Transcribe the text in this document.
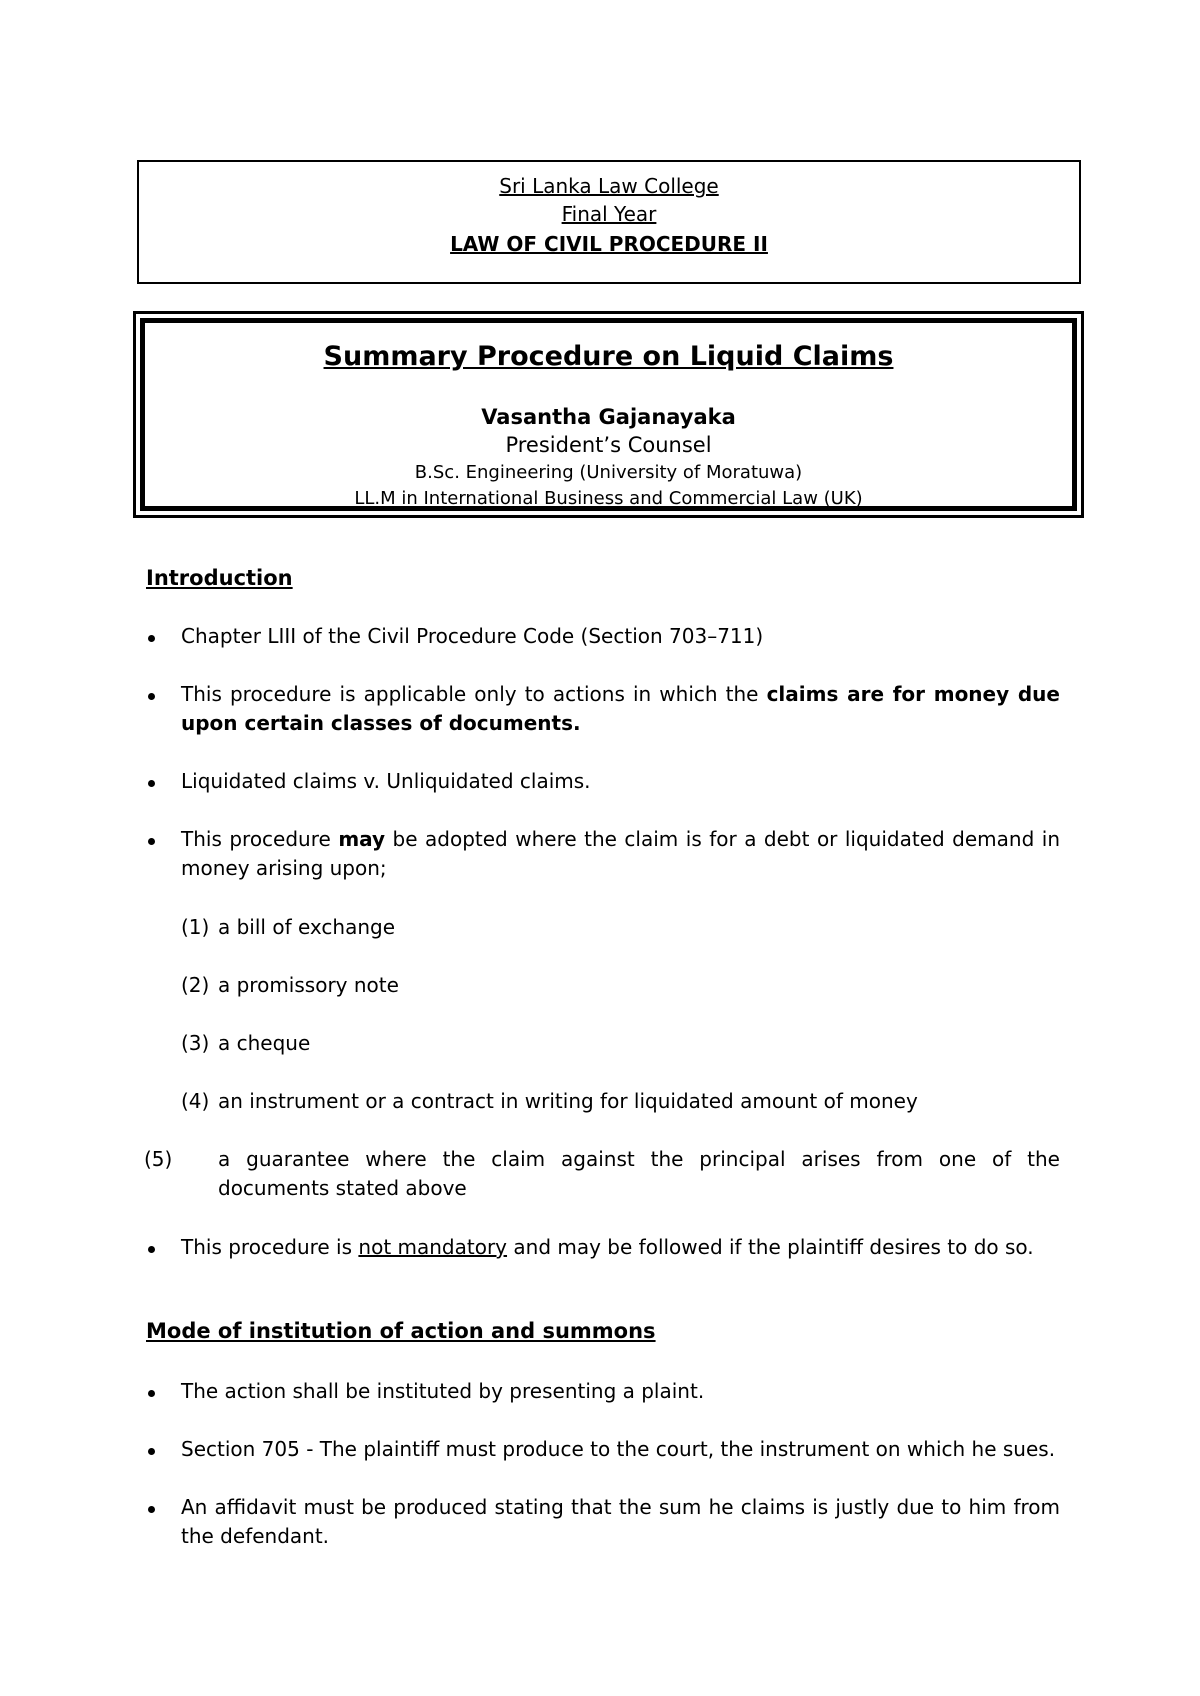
Sri Lanka Law College
Final Year
LAW OF CIVIL PROCEDURE II
Summary Procedure on Liquid Claims
Vasantha Gajanayaka
President’s Counsel
B.Sc. Engineering (University of Moratuwa)
LL.M in International Business and Commercial Law (UK)
Introduction
Chapter LIII of the Civil Procedure Code (Section 703–711)
This procedure is applicable only to actions in which the claims are for money due upon certain classes of documents.
Liquidated claims v. Unliquidated claims.
This procedure may be adopted where the claim is for a debt or liquidated demand in money arising upon;
(1) a bill of exchange
(2) a promissory note
(3) a cheque
(4) an instrument or a contract in writing for liquidated amount of money
(5) a guarantee where the claim against the principal arises from one of the documents stated above
This procedure is not mandatory and may be followed if the plaintiff desires to do so.
Mode of institution of action and summons
The action shall be instituted by presenting a plaint.
Section 705 - The plaintiff must produce to the court, the instrument on which he sues.
An affidavit must be produced stating that the sum he claims is justly due to him from the defendant.
